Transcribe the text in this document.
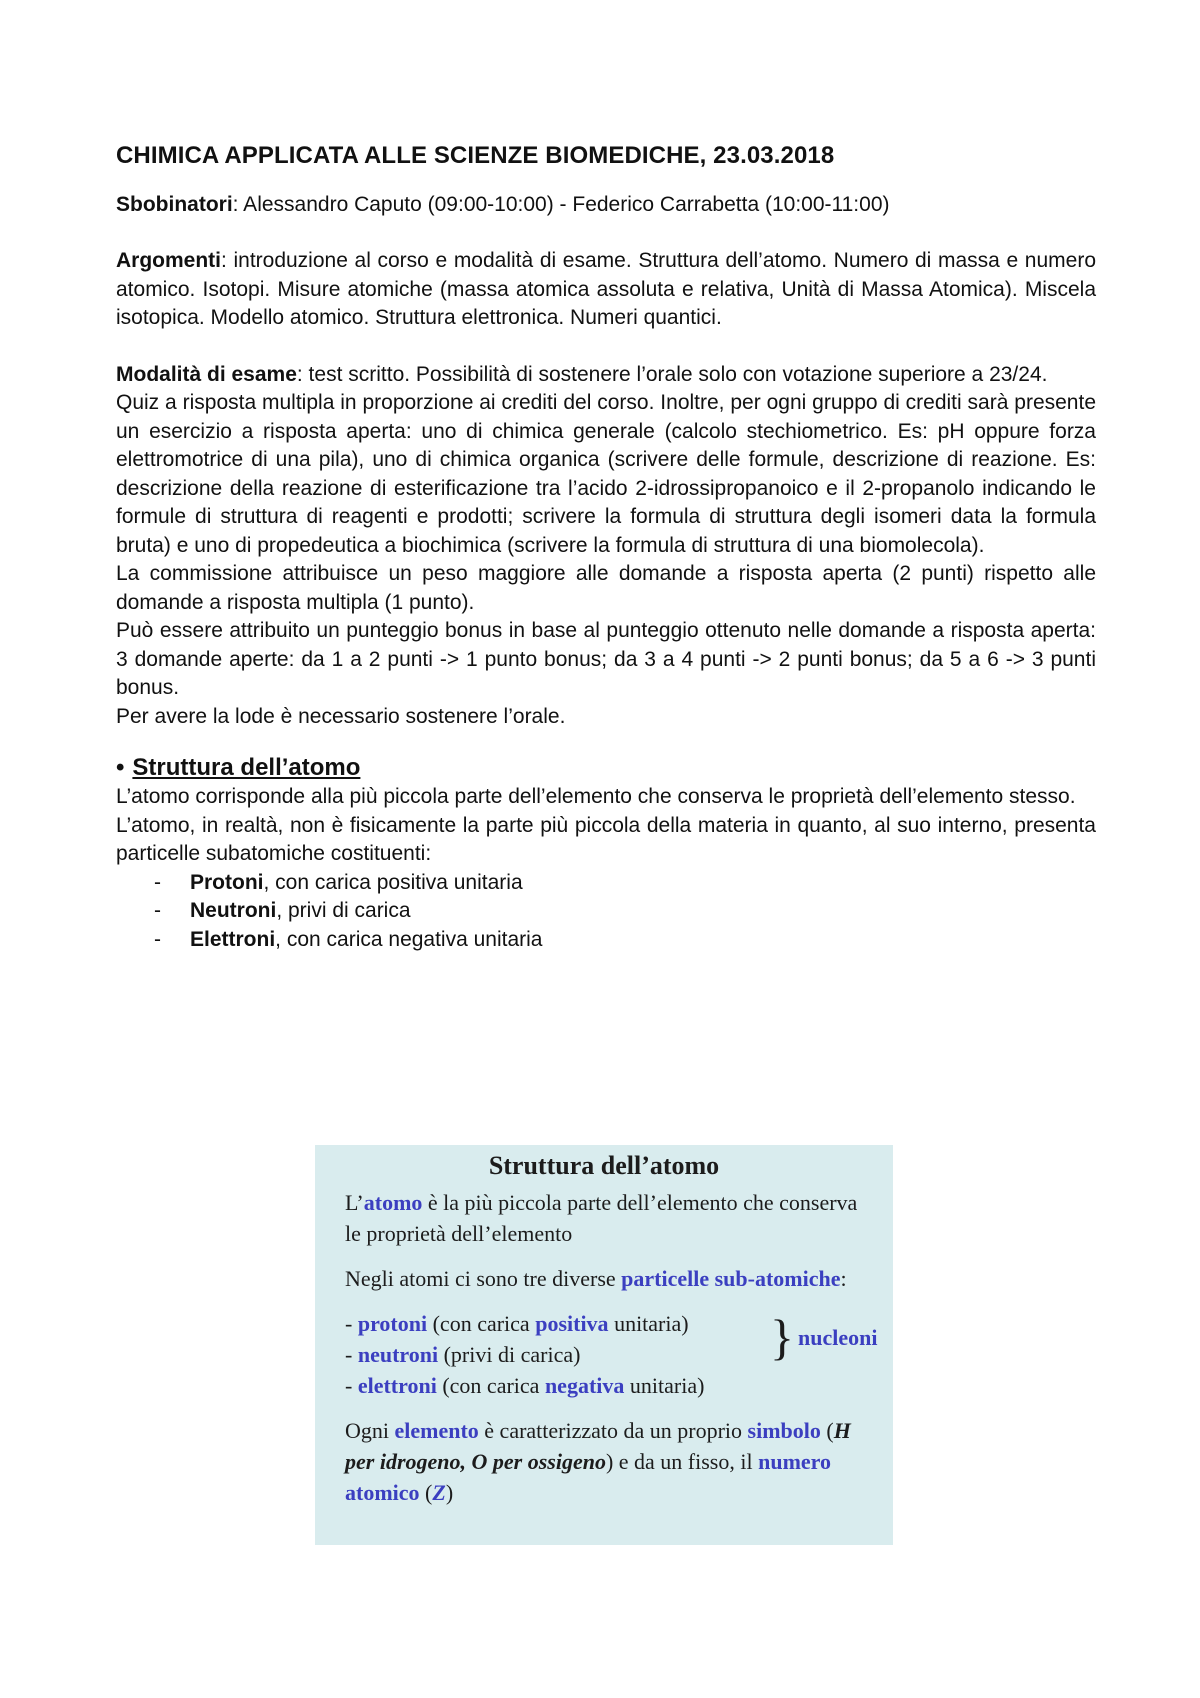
CHIMICA APPLICATA ALLE SCIENZE BIOMEDICHE, 23.03.2018

Sbobinatori: Alessandro Caputo (09:00-10:00) - Federico Carrabetta (10:00-11:00)

Argomenti: introduzione al corso e modalità di esame. Struttura dell’atomo. Numero di massa e numero atomico. Isotopi. Misure atomiche (massa atomica assoluta e relativa, Unità di Massa Atomica). Miscela isotopica. Modello atomico. Struttura elettronica. Numeri quantici.

Modalità di esame: test scritto. Possibilità di sostenere l’orale solo con votazione superiore a 23/24.

Quiz a risposta multipla in proporzione ai crediti del corso. Inoltre, per ogni gruppo di crediti sarà presente un esercizio a risposta aperta: uno di chimica generale (calcolo stechiometrico. Es: pH oppure forza elettromotrice di una pila), uno di chimica organica (scrivere delle formule, descrizione di reazione. Es: descrizione della reazione di esterificazione tra l’acido 2-idrossipropanoico e il 2-propanolo indicando le formule di struttura di reagenti e prodotti; scrivere la formula di struttura degli isomeri data la formula bruta) e uno di propedeutica a biochimica (scrivere la formula di struttura di una biomolecola).

La commissione attribuisce un peso maggiore alle domande a risposta aperta (2 punti) rispetto alle domande a risposta multipla (1 punto).

Può essere attribuito un punteggio bonus in base al punteggio ottenuto nelle domande a risposta aperta: 3 domande aperte: da 1 a 2 punti -> 1 punto bonus; da 3 a 4 punti -> 2 punti bonus; da 5 a 6 -> 3 punti bonus.

Per avere la lode è necessario sostenere l’orale.

• Struttura dell’atomo

L’atomo corrisponde alla più piccola parte dell’elemento che conserva le proprietà dell’elemento stesso.

L’atomo, in realtà, non è fisicamente la parte più piccola della materia in quanto, al suo interno, presenta particelle subatomiche costituenti:

- Protoni, con carica positiva unitaria
- Neutroni, privi di carica
- Elettroni, con carica negativa unitaria
Struttura dell’atomo

L’atomo è la più piccola parte dell’elemento che conserva le proprietà dell’elemento

Negli atomi ci sono tre diverse particelle sub-atomiche:

- protoni (con carica positiva unitaria)

- neutroni (privi di carica)

- elettroni (con carica negativa unitaria)

} nucleoni

Ogni elemento è caratterizzato da un proprio simbolo (H per idrogeno, O per ossigeno) e da un fisso, il numero atomico (Z)
